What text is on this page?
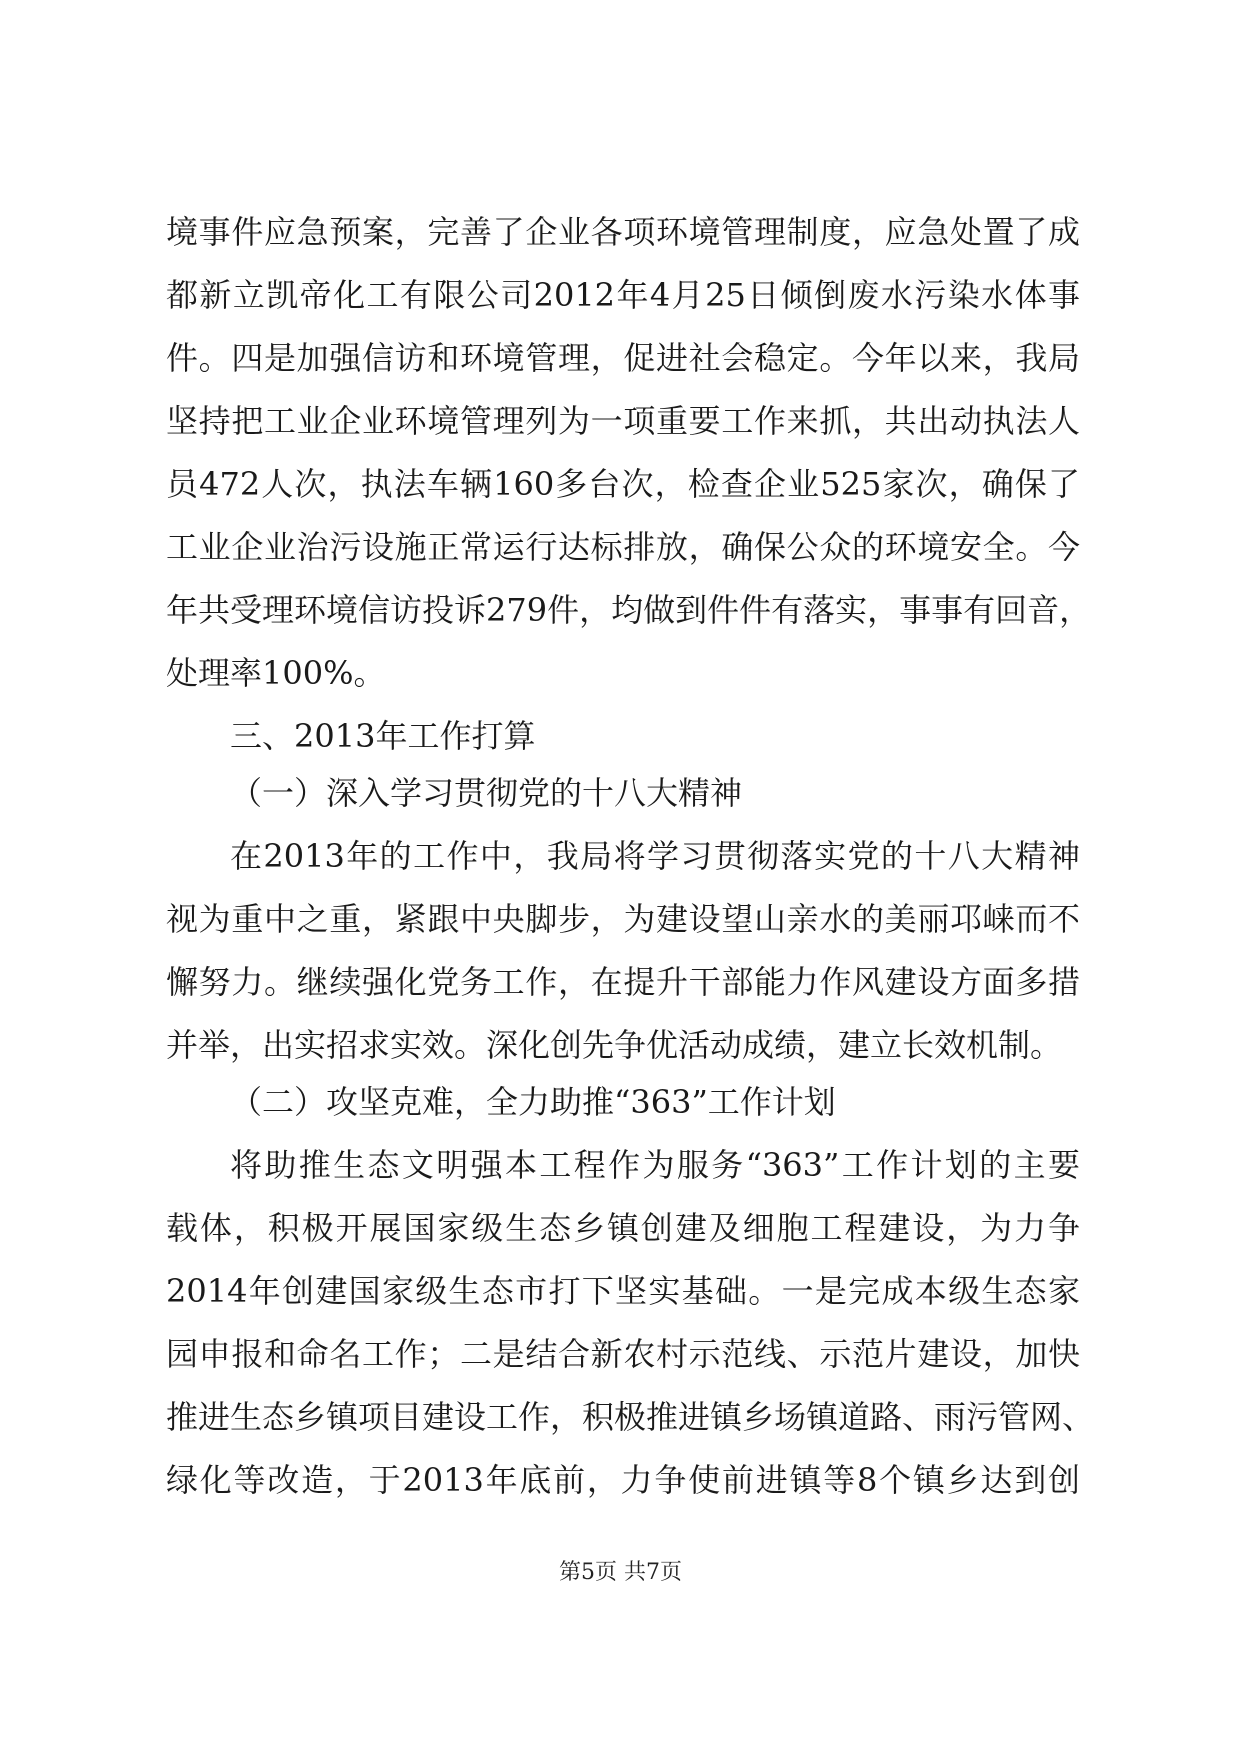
境事件应急预案，完善了企业各项环境管理制度，应急处置了成
都新立凯帝化工有限公司2012年4月25日倾倒废水污染水体事
件。四是加强信访和环境管理，促进社会稳定。今年以来，我局
坚持把工业企业环境管理列为一项重要工作来抓，共出动执法人
员472人次，执法车辆160多台次，检查企业525家次，确保了
工业企业治污设施正常运行达标排放，确保公众的环境安全。今
年共受理环境信访投诉279件，均做到件件有落实，事事有回音，
处理率100%。
三、2013年工作打算
（一）深入学习贯彻党的十八大精神
在2013年的工作中，我局将学习贯彻落实党的十八大精神
视为重中之重，紧跟中央脚步，为建设望山亲水的美丽邛崃而不
懈努力。继续强化党务工作，在提升干部能力作风建设方面多措
并举，出实招求实效。深化创先争优活动成绩，建立长效机制。
（二）攻坚克难，全力助推“363”工作计划
将助推生态文明强本工程作为服务“363”工作计划的主要
载体，积极开展国家级生态乡镇创建及细胞工程建设，为力争
2014年创建国家级生态市打下坚实基础。一是完成本级生态家
园申报和命名工作；二是结合新农村示范线、示范片建设，加快
推进生态乡镇项目建设工作，积极推进镇乡场镇道路、雨污管网、
绿化等改造，于2013年底前，力争使前进镇等8个镇乡达到创
第5页 共7页
